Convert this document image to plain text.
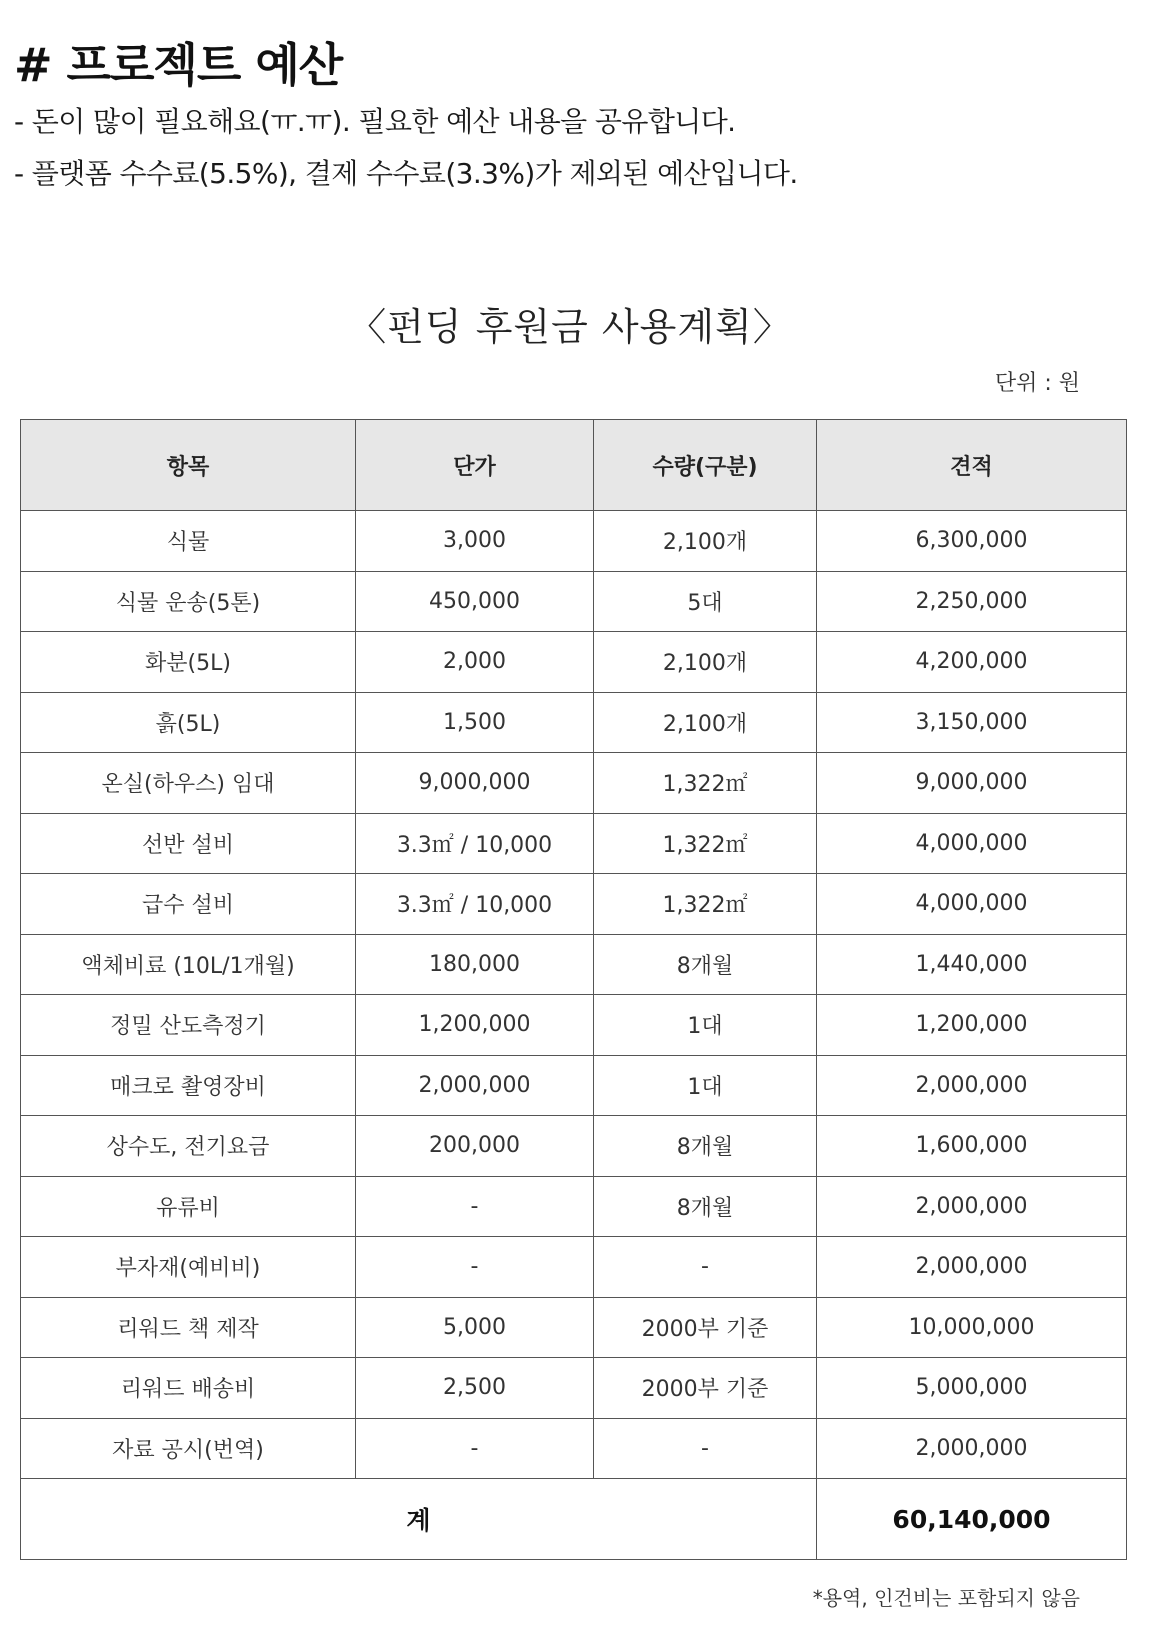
# 프로젝트 예산
- 돈이 많이 필요해요(ㅠ.ㅠ). 필요한 예산 내용을 공유합니다.
- 플랫폼 수수료(5.5%), 결제 수수료(3.3%)가 제외된 예산입니다.
〈펀딩 후원금 사용계획〉
단위 : 원
항목	단가	수량(구분)	견적
식물	3,000	2,100개	6,300,000
식물 운송(5톤)	450,000	5대	2,250,000
화분(5L)	2,000	2,100개	4,200,000
흙(5L)	1,500	2,100개	3,150,000
온실(하우스) 임대	9,000,000	1,322㎡	9,000,000
선반 설비	3.3㎡ / 10,000	1,322㎡	4,000,000
급수 설비	3.3㎡ / 10,000	1,322㎡	4,000,000
액체비료 (10L/1개월)	180,000	8개월	1,440,000
정밀 산도측정기	1,200,000	1대	1,200,000
매크로 촬영장비	2,000,000	1대	2,000,000
상수도, 전기요금	200,000	8개월	1,600,000
유류비	-	8개월	2,000,000
부자재(예비비)	-	-	2,000,000
리워드 책 제작	5,000	2000부 기준	10,000,000
리워드 배송비	2,500	2000부 기준	5,000,000
자료 공시(번역)	-	-	2,000,000
계			60,140,000
*용역, 인건비는 포함되지 않음
